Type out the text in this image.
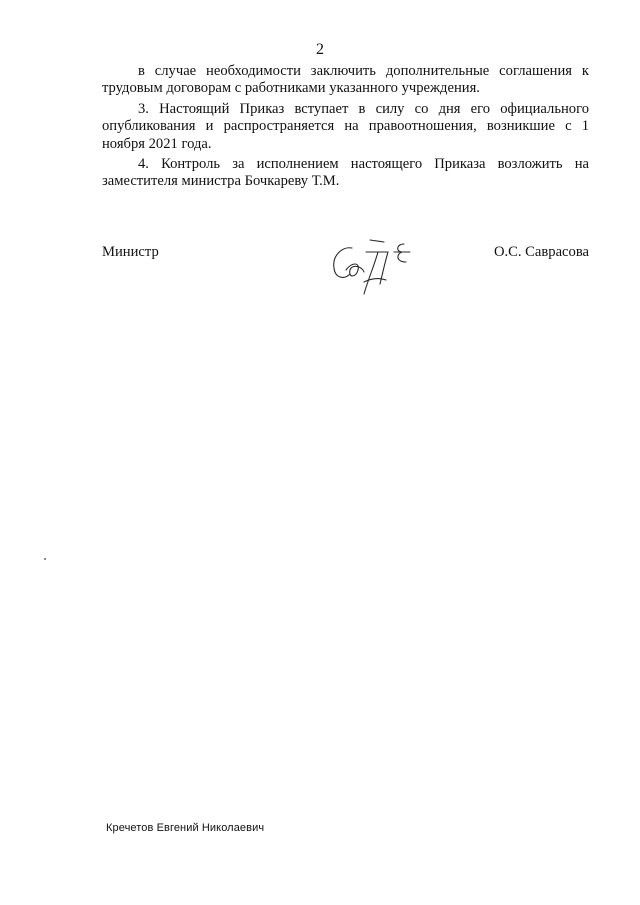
2

в случае необходимости заключить дополнительные соглашения к трудовым договорам с работниками указанного учреждения.

3. Настоящий Приказ вступает в силу со дня его официального опубликования и распространяется на правоотношения, возникшие с 1 ноября 2021 года.

4. Контроль за исполнением настоящего Приказа возложить на заместителя министра Бочкареву Т.М.

Министр	О.С. Саврасова
Кречетов Евгений Николаевич
